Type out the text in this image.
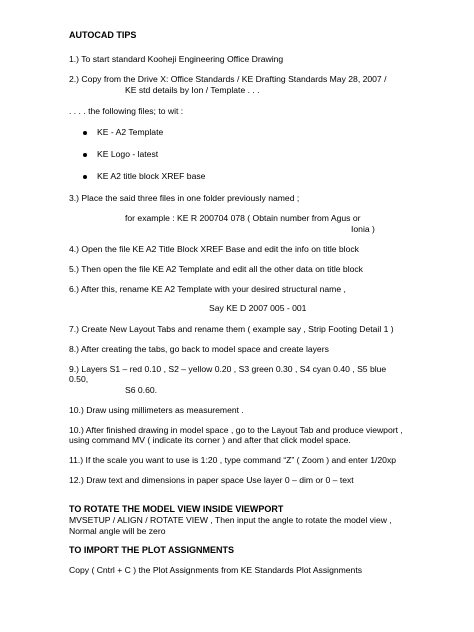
AUTOCAD TIPS
1.) To start standard Kooheji Engineering Office Drawing
2.) Copy from the Drive X: Office Standards / KE Drafting Standards May 28, 2007 /
KE std details by Ion / Template . . .
. . . . the following files; to wit :
KE - A2 Template
KE Logo - latest
KE A2 title block XREF base
3.) Place the said three files in one folder previously named ;
for example : KE R 200704 078 ( Obtain number from Agus or
Ionia )
4.) Open the file KE A2 Title Block XREF Base and edit the info on title block
5.) Then open the file KE A2 Template and edit all the other data on title block
6.) After this, rename KE A2 Template with your desired structural name ,
Say KE D 2007 005 - 001
7.) Create New Layout Tabs and rename them ( example say , Strip Footing Detail 1 )
8.) After creating the tabs, go back to model space and create layers
9.) Layers S1 – red 0.10 , S2 – yellow 0.20 , S3 green 0.30 , S4 cyan 0.40 , S5 blue
0.50,
S6 0.60.
10.) Draw using millimeters as measurement .
10.) After finished drawing in model space , go to the Layout Tab and produce viewport ,
using command MV ( indicate its corner ) and after that click model space.
11.) If the scale you want to use is 1:20 , type command “Z” ( Zoom ) and enter 1/20xp
12.) Draw text and dimensions in paper space Use layer 0 – dim or 0 – text
TO ROTATE THE MODEL VIEW INSIDE VIEWPORT
MVSETUP / ALIGN / ROTATE VIEW , Then input the angle to rotate the model view ,
Normal angle will be zero
TO IMPORT THE PLOT ASSIGNMENTS
Copy ( Cntrl + C ) the Plot Assignments from KE Standards Plot Assignments
